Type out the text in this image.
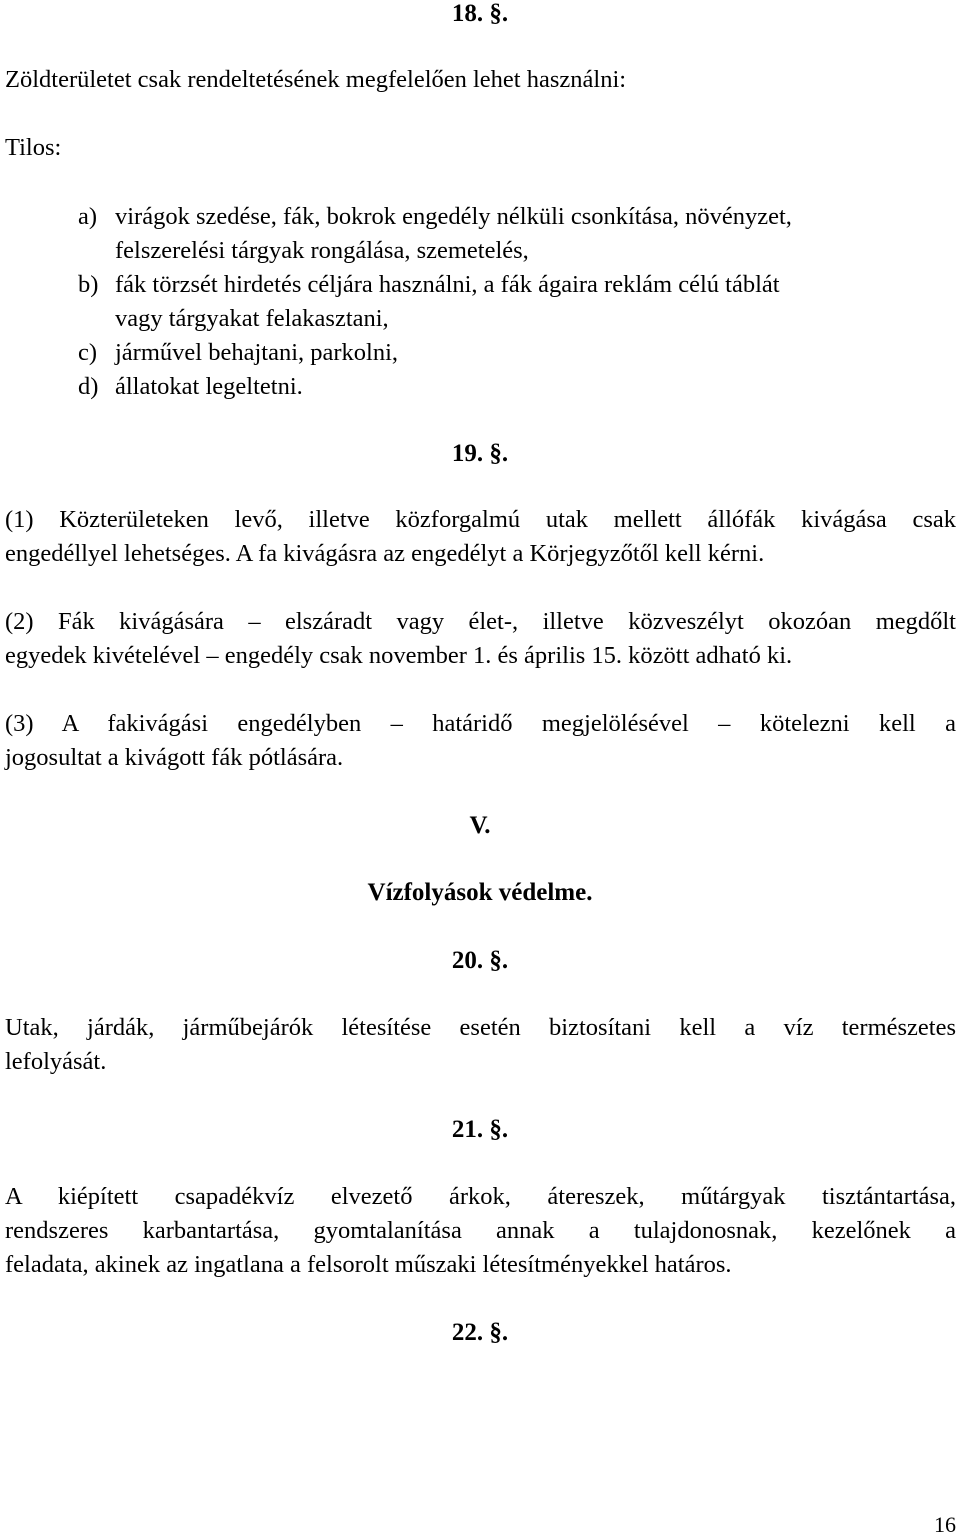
18. §.
Zöldterületet csak rendeltetésének megfelelően lehet használni:
Tilos:
a) virágok szedése, fák, bokrok engedély nélküli csonkítása, növényzet,
felszerelési tárgyak rongálása, szemetelés,
b) fák törzsét hirdetés céljára használni, a fák ágaira reklám célú táblát
vagy tárgyakat felakasztani,
c) járművel behajtani, parkolni,
d) állatokat legeltetni.
19. §.
(1) Közterületeken levő, illetve közforgalmú utak mellett állófák kivágása csak
engedéllyel lehetséges. A fa kivágásra az engedélyt a Körjegyzőtől kell kérni.
(2) Fák kivágására – elszáradt vagy élet-, illetve közveszélyt okozóan megdőlt
egyedek kivételével – engedély csak november 1. és április 15. között adható ki.
(3) A fakivágási engedélyben – határidő megjelölésével – kötelezni kell a
jogosultat a kivágott fák pótlására.
V.
Vízfolyások védelme.
20. §.
Utak, járdák, járműbejárók létesítése esetén biztosítani kell a víz természetes
lefolyását.
21. §.
A kiépített csapadékvíz elvezető árkok, átereszek, műtárgyak tisztántartása,
rendszeres karbantartása, gyomtalanítása annak a tulajdonosnak, kezelőnek a
feladata, akinek az ingatlana a felsorolt műszaki létesítményekkel határos.
22. §.
16
